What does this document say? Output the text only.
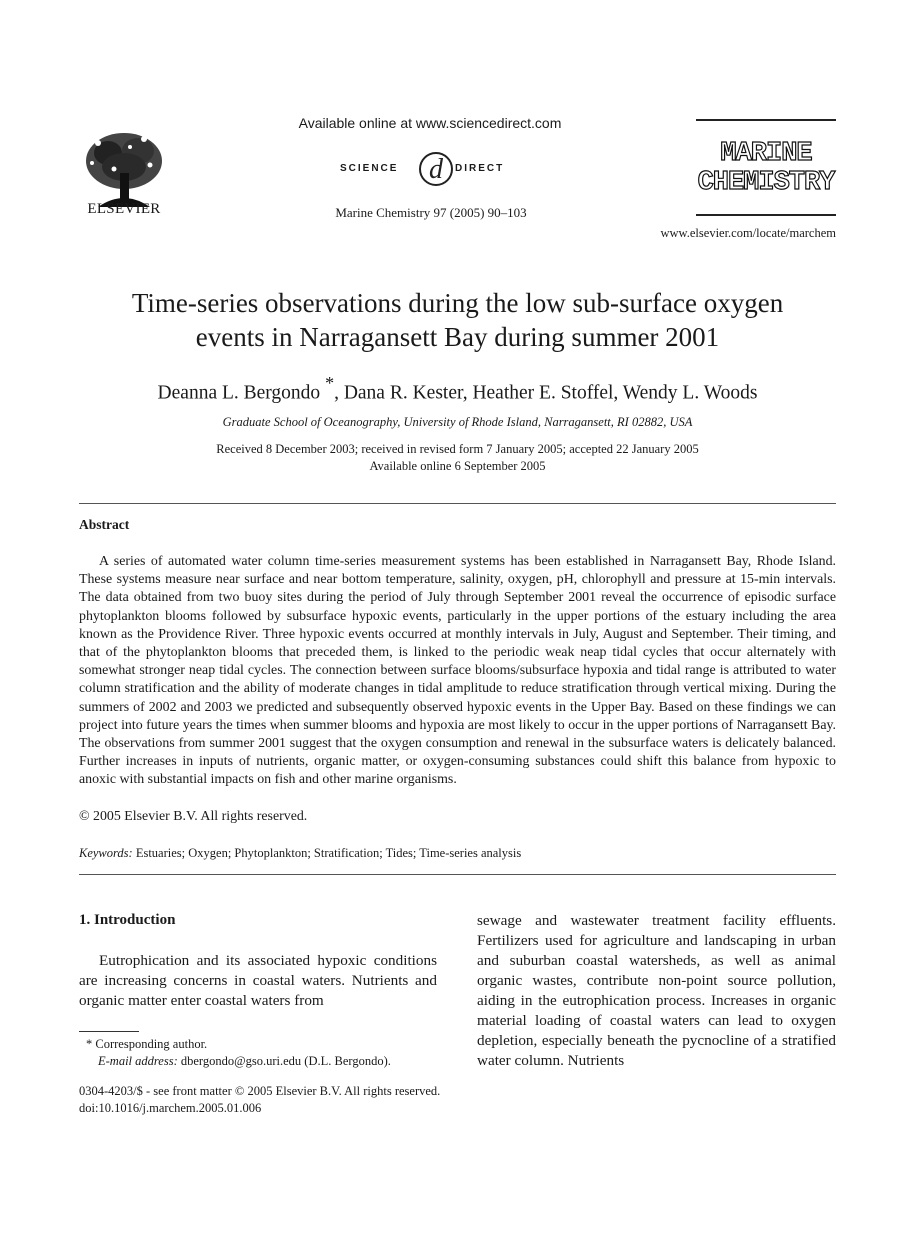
ELSEVIER
Available online at www.sciencedirect.com
SCIENCE d DIRECT
Marine Chemistry 97 (2005) 90–103
MARINE
CHEMISTRY
www.elsevier.com/locate/marchem
Time-series observations during the low sub-surface oxygen
events in Narragansett Bay during summer 2001
Deanna L. Bergondo *, Dana R. Kester, Heather E. Stoffel, Wendy L. Woods
Graduate School of Oceanography, University of Rhode Island, Narragansett, RI 02882, USA
Received 8 December 2003; received in revised form 7 January 2005; accepted 22 January 2005
Available online 6 September 2005
Abstract

A series of automated water column time-series measurement systems has been established in Narragansett Bay, Rhode Island. These systems measure near surface and near bottom temperature, salinity, oxygen, pH, chlorophyll and pressure at 15-min intervals. The data obtained from two buoy sites during the period of July through September 2001 reveal the occurrence of episodic surface phytoplankton blooms followed by subsurface hypoxic events, particularly in the upper portions of the estuary including the area known as the Providence River. Three hypoxic events occurred at monthly intervals in July, August and September. Their timing, and that of the phytoplankton blooms that preceded them, is linked to the periodic weak neap tidal cycles that occur alternately with somewhat stronger neap tidal cycles. The connection between surface blooms/subsurface hypoxia and tidal range is attributed to water column stratification and the ability of moderate changes in tidal amplitude to reduce stratification through vertical mixing. During the summers of 2002 and 2003 we predicted and subsequently observed hypoxic events in the Upper Bay. Based on these findings we can project into future years the times when summer blooms and hypoxia are most likely to occur in the upper portions of Narragansett Bay. The observations from summer 2001 suggest that the oxygen consumption and renewal in the subsurface waters is delicately balanced. Further increases in inputs of nutrients, organic matter, or oxygen-consuming substances could shift this balance from hypoxic to anoxic with substantial impacts on fish and other marine organisms.

© 2005 Elsevier B.V. All rights reserved.
Keywords: Estuaries; Oxygen; Phytoplankton; Stratification; Tides; Time-series analysis
1. Introduction

Eutrophication and its associated hypoxic conditions are increasing concerns in coastal waters. Nutrients and organic matter enter coastal waters from

sewage and wastewater treatment facility effluents. Fertilizers used for agriculture and landscaping in urban and suburban coastal watersheds, as well as animal organic wastes, contribute non-point source pollution, aiding in the eutrophication process. Increases in organic material loading of coastal waters can lead to oxygen depletion, especially beneath the pycnocline of a stratified water column. Nutrients

* Corresponding author.
E-mail address: dbergondo@gso.uri.edu (D.L. Bergondo).
0304-4203/$ - see front matter © 2005 Elsevier B.V. All rights reserved.
doi:10.1016/j.marchem.2005.01.006
